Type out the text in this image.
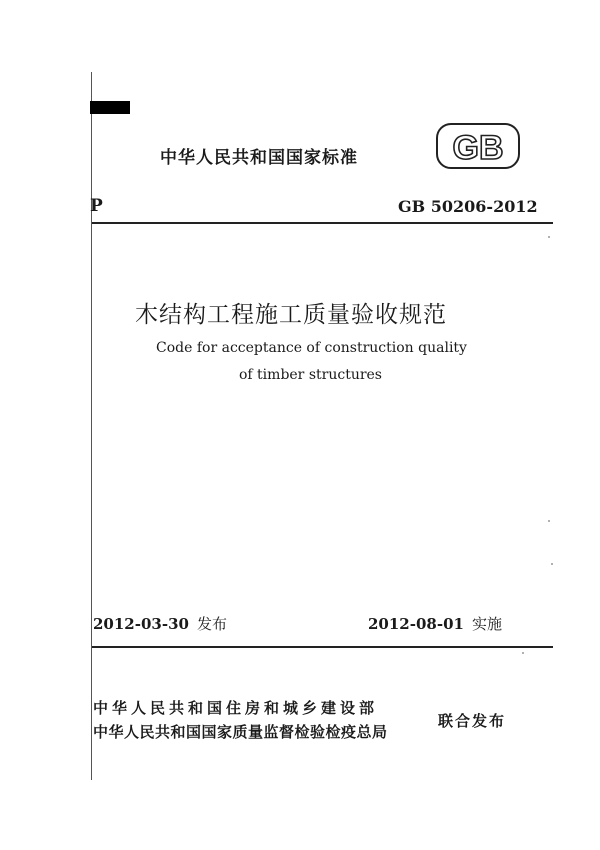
中华人民共和国国家标准	GB
P	GB 50206-2012
木结构工程施工质量验收规范
Code for acceptance of construction quality
of timber structures
2012-03-30 发布	2012-08-01 实施
中华人民共和国住房和城乡建设部
中华人民共和国国家质量监督检验检疫总局
联合发布
